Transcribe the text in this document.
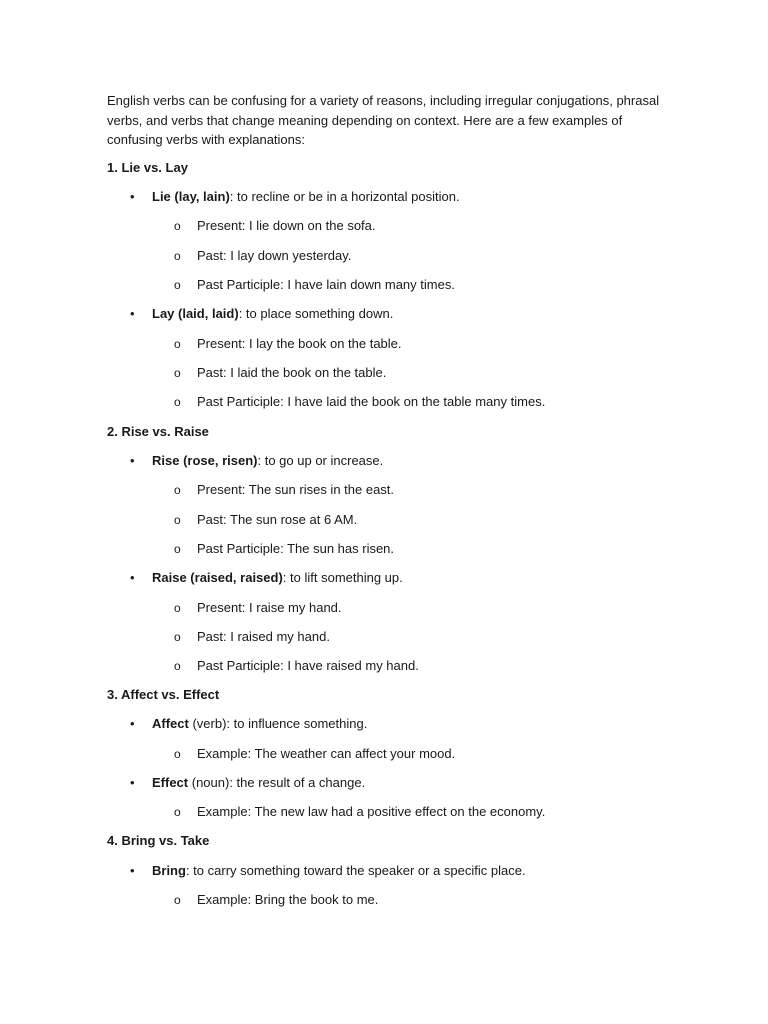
English verbs can be confusing for a variety of reasons, including irregular conjugations, phrasal verbs, and verbs that change meaning depending on context. Here are a few examples of confusing verbs with explanations:

1. Lie vs. Lay
• Lie (lay, lain): to recline or be in a horizontal position.
o Present: I lie down on the sofa.
o Past: I lay down yesterday.
o Past Participle: I have lain down many times.
• Lay (laid, laid): to place something down.
o Present: I lay the book on the table.
o Past: I laid the book on the table.
o Past Participle: I have laid the book on the table many times.
2. Rise vs. Raise
• Rise (rose, risen): to go up or increase.
o Present: The sun rises in the east.
o Past: The sun rose at 6 AM.
o Past Participle: The sun has risen.
• Raise (raised, raised): to lift something up.
o Present: I raise my hand.
o Past: I raised my hand.
o Past Participle: I have raised my hand.
3. Affect vs. Effect
• Affect (verb): to influence something.
o Example: The weather can affect your mood.
• Effect (noun): the result of a change.
o Example: The new law had a positive effect on the economy.
4. Bring vs. Take
• Bring: to carry something toward the speaker or a specific place.
o Example: Bring the book to me.
